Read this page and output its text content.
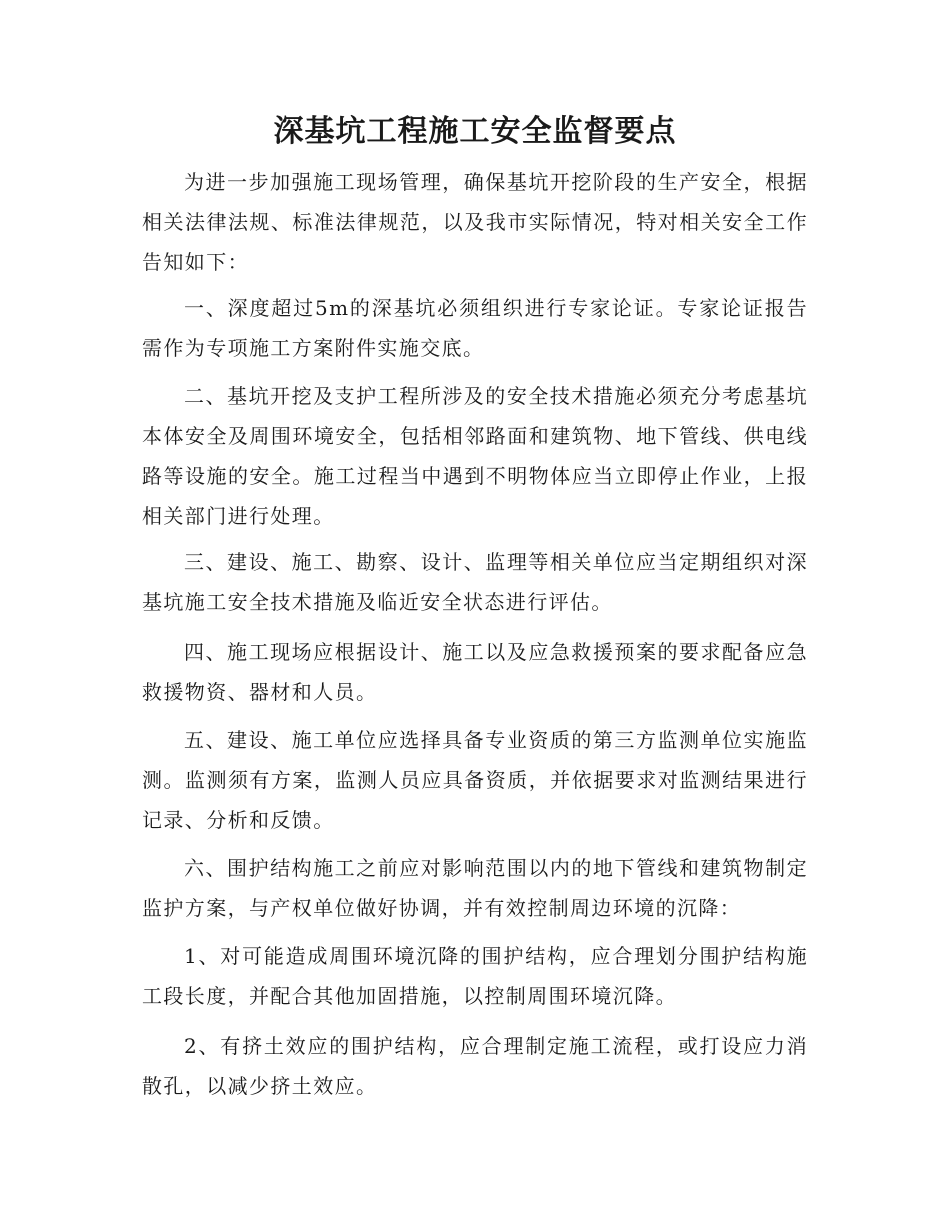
深基坑工程施工安全监督要点

为进一步加强施工现场管理，确保基坑开挖阶段的生产安全，根据相关法律法规、标准法律规范，以及我市实际情况，特对相关安全工作告知如下：

一、深度超过5m的深基坑必须组织进行专家论证。专家论证报告需作为专项施工方案附件实施交底。

二、基坑开挖及支护工程所涉及的安全技术措施必须充分考虑基坑本体安全及周围环境安全，包括相邻路面和建筑物、地下管线、供电线路等设施的安全。施工过程当中遇到不明物体应当立即停止作业，上报相关部门进行处理。

三、建设、施工、勘察、设计、监理等相关单位应当定期组织对深基坑施工安全技术措施及临近安全状态进行评估。

四、施工现场应根据设计、施工以及应急救援预案的要求配备应急救援物资、器材和人员。

五、建设、施工单位应选择具备专业资质的第三方监测单位实施监测。监测须有方案，监测人员应具备资质，并依据要求对监测结果进行记录、分析和反馈。

六、围护结构施工之前应对影响范围以内的地下管线和建筑物制定监护方案，与产权单位做好协调，并有效控制周边环境的沉降：

1、对可能造成周围环境沉降的围护结构，应合理划分围护结构施工段长度，并配合其他加固措施，以控制周围环境沉降。

2、有挤土效应的围护结构，应合理制定施工流程，或打设应力消散孔，以减少挤土效应。
